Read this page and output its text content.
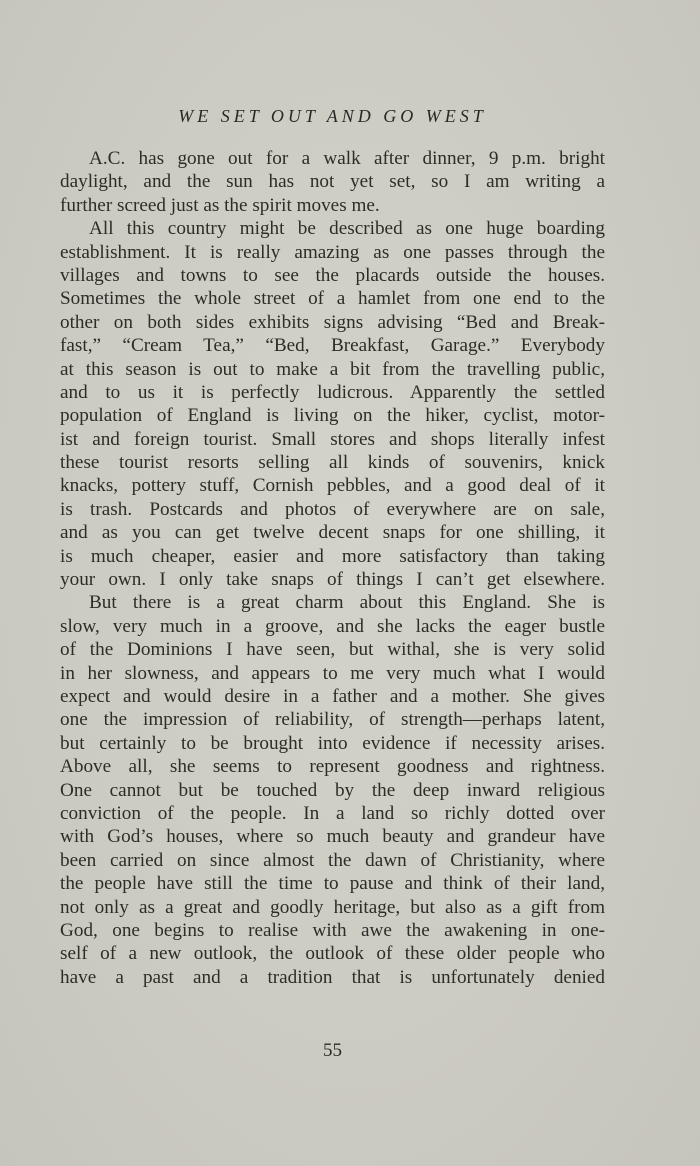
WE SET OUT AND GO WEST
A.C. has gone out for a walk after dinner, 9 p.m. bright
daylight, and the sun has not yet set, so I am writing a
further screed just as the spirit moves me.
All this country might be described as one huge boarding
establishment. It is really amazing as one passes through the
villages and towns to see the placards outside the houses.
Sometimes the whole street of a hamlet from one end to the
other on both sides exhibits signs advising “Bed and Break-
fast,” “Cream Tea,” “Bed, Breakfast, Garage.” Everybody
at this season is out to make a bit from the travelling public,
and to us it is perfectly ludicrous. Apparently the settled
population of England is living on the hiker, cyclist, motor-
ist and foreign tourist. Small stores and shops literally infest
these tourist resorts selling all kinds of souvenirs, knick
knacks, pottery stuff, Cornish pebbles, and a good deal of it
is trash. Postcards and photos of everywhere are on sale,
and as you can get twelve decent snaps for one shilling, it
is much cheaper, easier and more satisfactory than taking
your own. I only take snaps of things I can’t get elsewhere.
But there is a great charm about this England. She is
slow, very much in a groove, and she lacks the eager bustle
of the Dominions I have seen, but withal, she is very solid
in her slowness, and appears to me very much what I would
expect and would desire in a father and a mother. She gives
one the impression of reliability, of strength—perhaps latent,
but certainly to be brought into evidence if necessity arises.
Above all, she seems to represent goodness and rightness.
One cannot but be touched by the deep inward religious
conviction of the people. In a land so richly dotted over
with God’s houses, where so much beauty and grandeur have
been carried on since almost the dawn of Christianity, where
the people have still the time to pause and think of their land,
not only as a great and goodly heritage, but also as a gift from
God, one begins to realise with awe the awakening in one-
self of a new outlook, the outlook of these older people who
have a past and a tradition that is unfortunately denied
55
